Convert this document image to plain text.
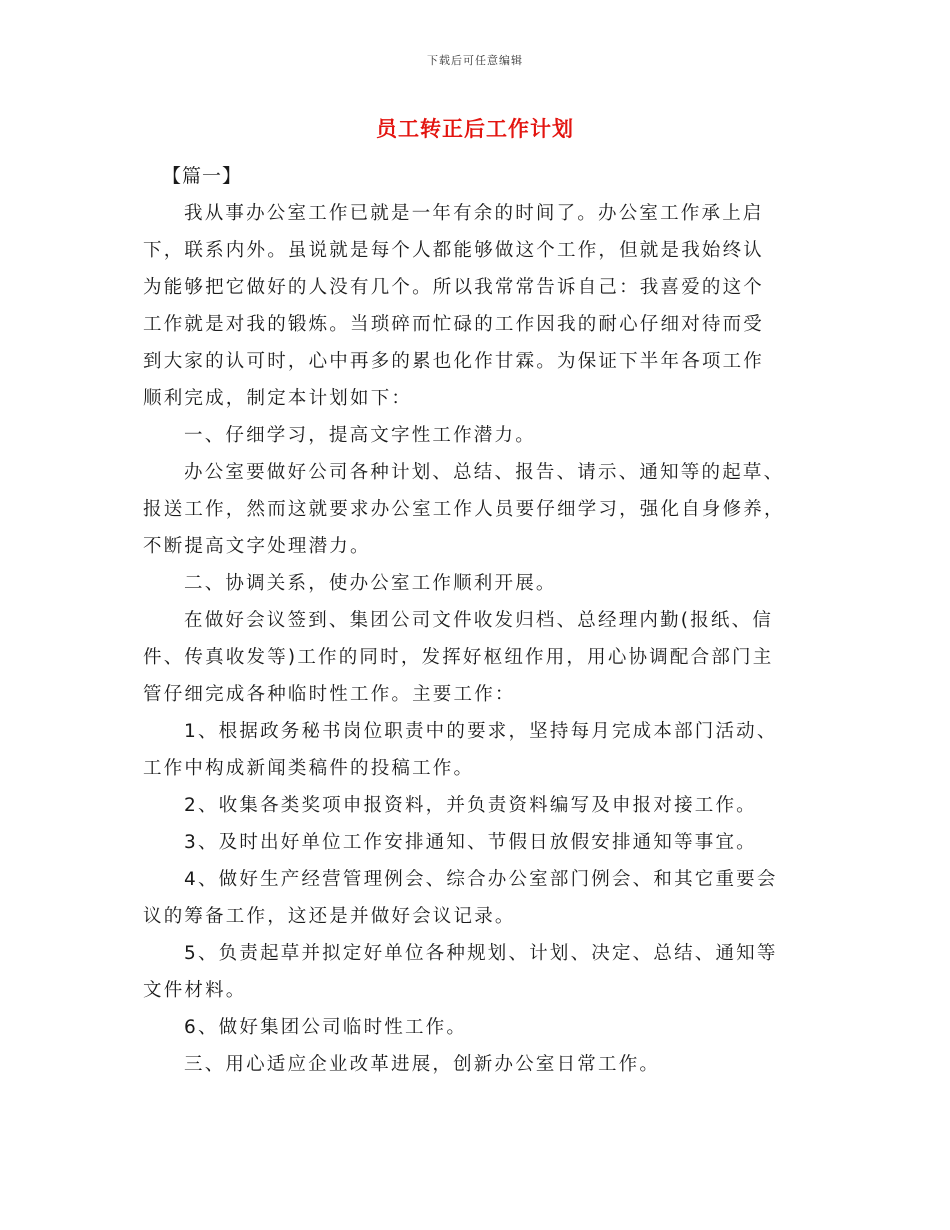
下载后可任意编辑
员工转正后工作计划
【篇一】
我从事办公室工作已就是一年有余的时间了。办公室工作承上启
下，联系内外。虽说就是每个人都能够做这个工作，但就是我始终认
为能够把它做好的人没有几个。所以我常常告诉自己：我喜爱的这个
工作就是对我的锻炼。当琐碎而忙碌的工作因我的耐心仔细对待而受
到大家的认可时，心中再多的累也化作甘霖。为保证下半年各项工作
顺利完成，制定本计划如下：
一、仔细学习，提高文字性工作潜力。
办公室要做好公司各种计划、总结、报告、请示、通知等的起草、
报送工作，然而这就要求办公室工作人员要仔细学习，强化自身修养，
不断提高文字处理潜力。
二、协调关系，使办公室工作顺利开展。
在做好会议签到、集团公司文件收发归档、总经理内勤(报纸、信
件、传真收发等)工作的同时，发挥好枢纽作用，用心协调配合部门主
管仔细完成各种临时性工作。主要工作：
1、根据政务秘书岗位职责中的要求，坚持每月完成本部门活动、
工作中构成新闻类稿件的投稿工作。
2、收集各类奖项申报资料，并负责资料编写及申报对接工作。
3、及时出好单位工作安排通知、节假日放假安排通知等事宜。
4、做好生产经营管理例会、综合办公室部门例会、和其它重要会
议的筹备工作，这还是并做好会议记录。
5、负责起草并拟定好单位各种规划、计划、决定、总结、通知等
文件材料。
6、做好集团公司临时性工作。
三、用心适应企业改革进展，创新办公室日常工作。
